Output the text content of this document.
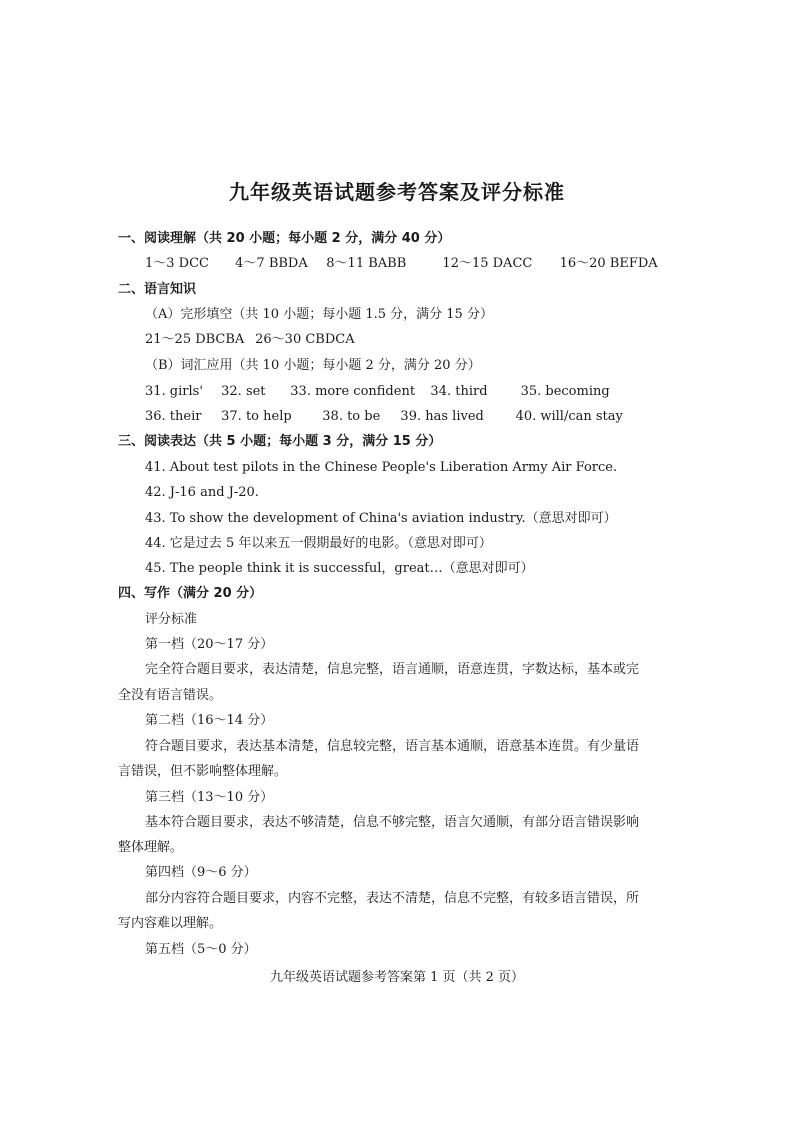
九年级英语试题参考答案及评分标准
一、阅读理解（共 20 小题；每小题 2 分，满分 40 分）
1～3 DCC 4～7 BBDA 8～11 BABB	12～15 DACC 16～20 BEFDA
二、语言知识
（A）完形填空（共 10 小题；每小题 1.5 分，满分 15 分）
21～25 DBCBA 26～30 CBDCA
（B）词汇应用（共 10 小题；每小题 2 分，满分 20 分）
31. girls' 32. set 33. more confident 34. third	35. becoming
36. their 37. to help 38. to be 39. has lived 40. will/can stay
三、阅读表达（共 5 小题；每小题 3 分，满分 15 分）
41. About test pilots in the Chinese People's Liberation Army Air Force.
42. J-16 and J-20.
43. To show the development of China's aviation industry.（意思对即可）
44. 它是过去 5 年以来五一假期最好的电影。（意思对即可）
45. The people think it is successful，great…（意思对即可）
四、写作（满分 20 分）
评分标准
第一档（20～17 分）
完全符合题目要求，表达清楚，信息完整，语言通顺，语意连贯，字数达标，基本或完
全没有语言错误。
第二档（16～14 分）
符合题目要求，表达基本清楚，信息较完整，语言基本通顺，语意基本连贯。有少量语
言错误，但不影响整体理解。
第三档（13～10 分）
基本符合题目要求，表达不够清楚，信息不够完整，语言欠通顺，有部分语言错误影响
整体理解。
第四档（9～6 分）
部分内容符合题目要求，内容不完整，表达不清楚，信息不完整，有较多语言错误，所
写内容难以理解。
第五档（5～0 分）
九年级英语试题参考答案第 1 页（共 2 页）
